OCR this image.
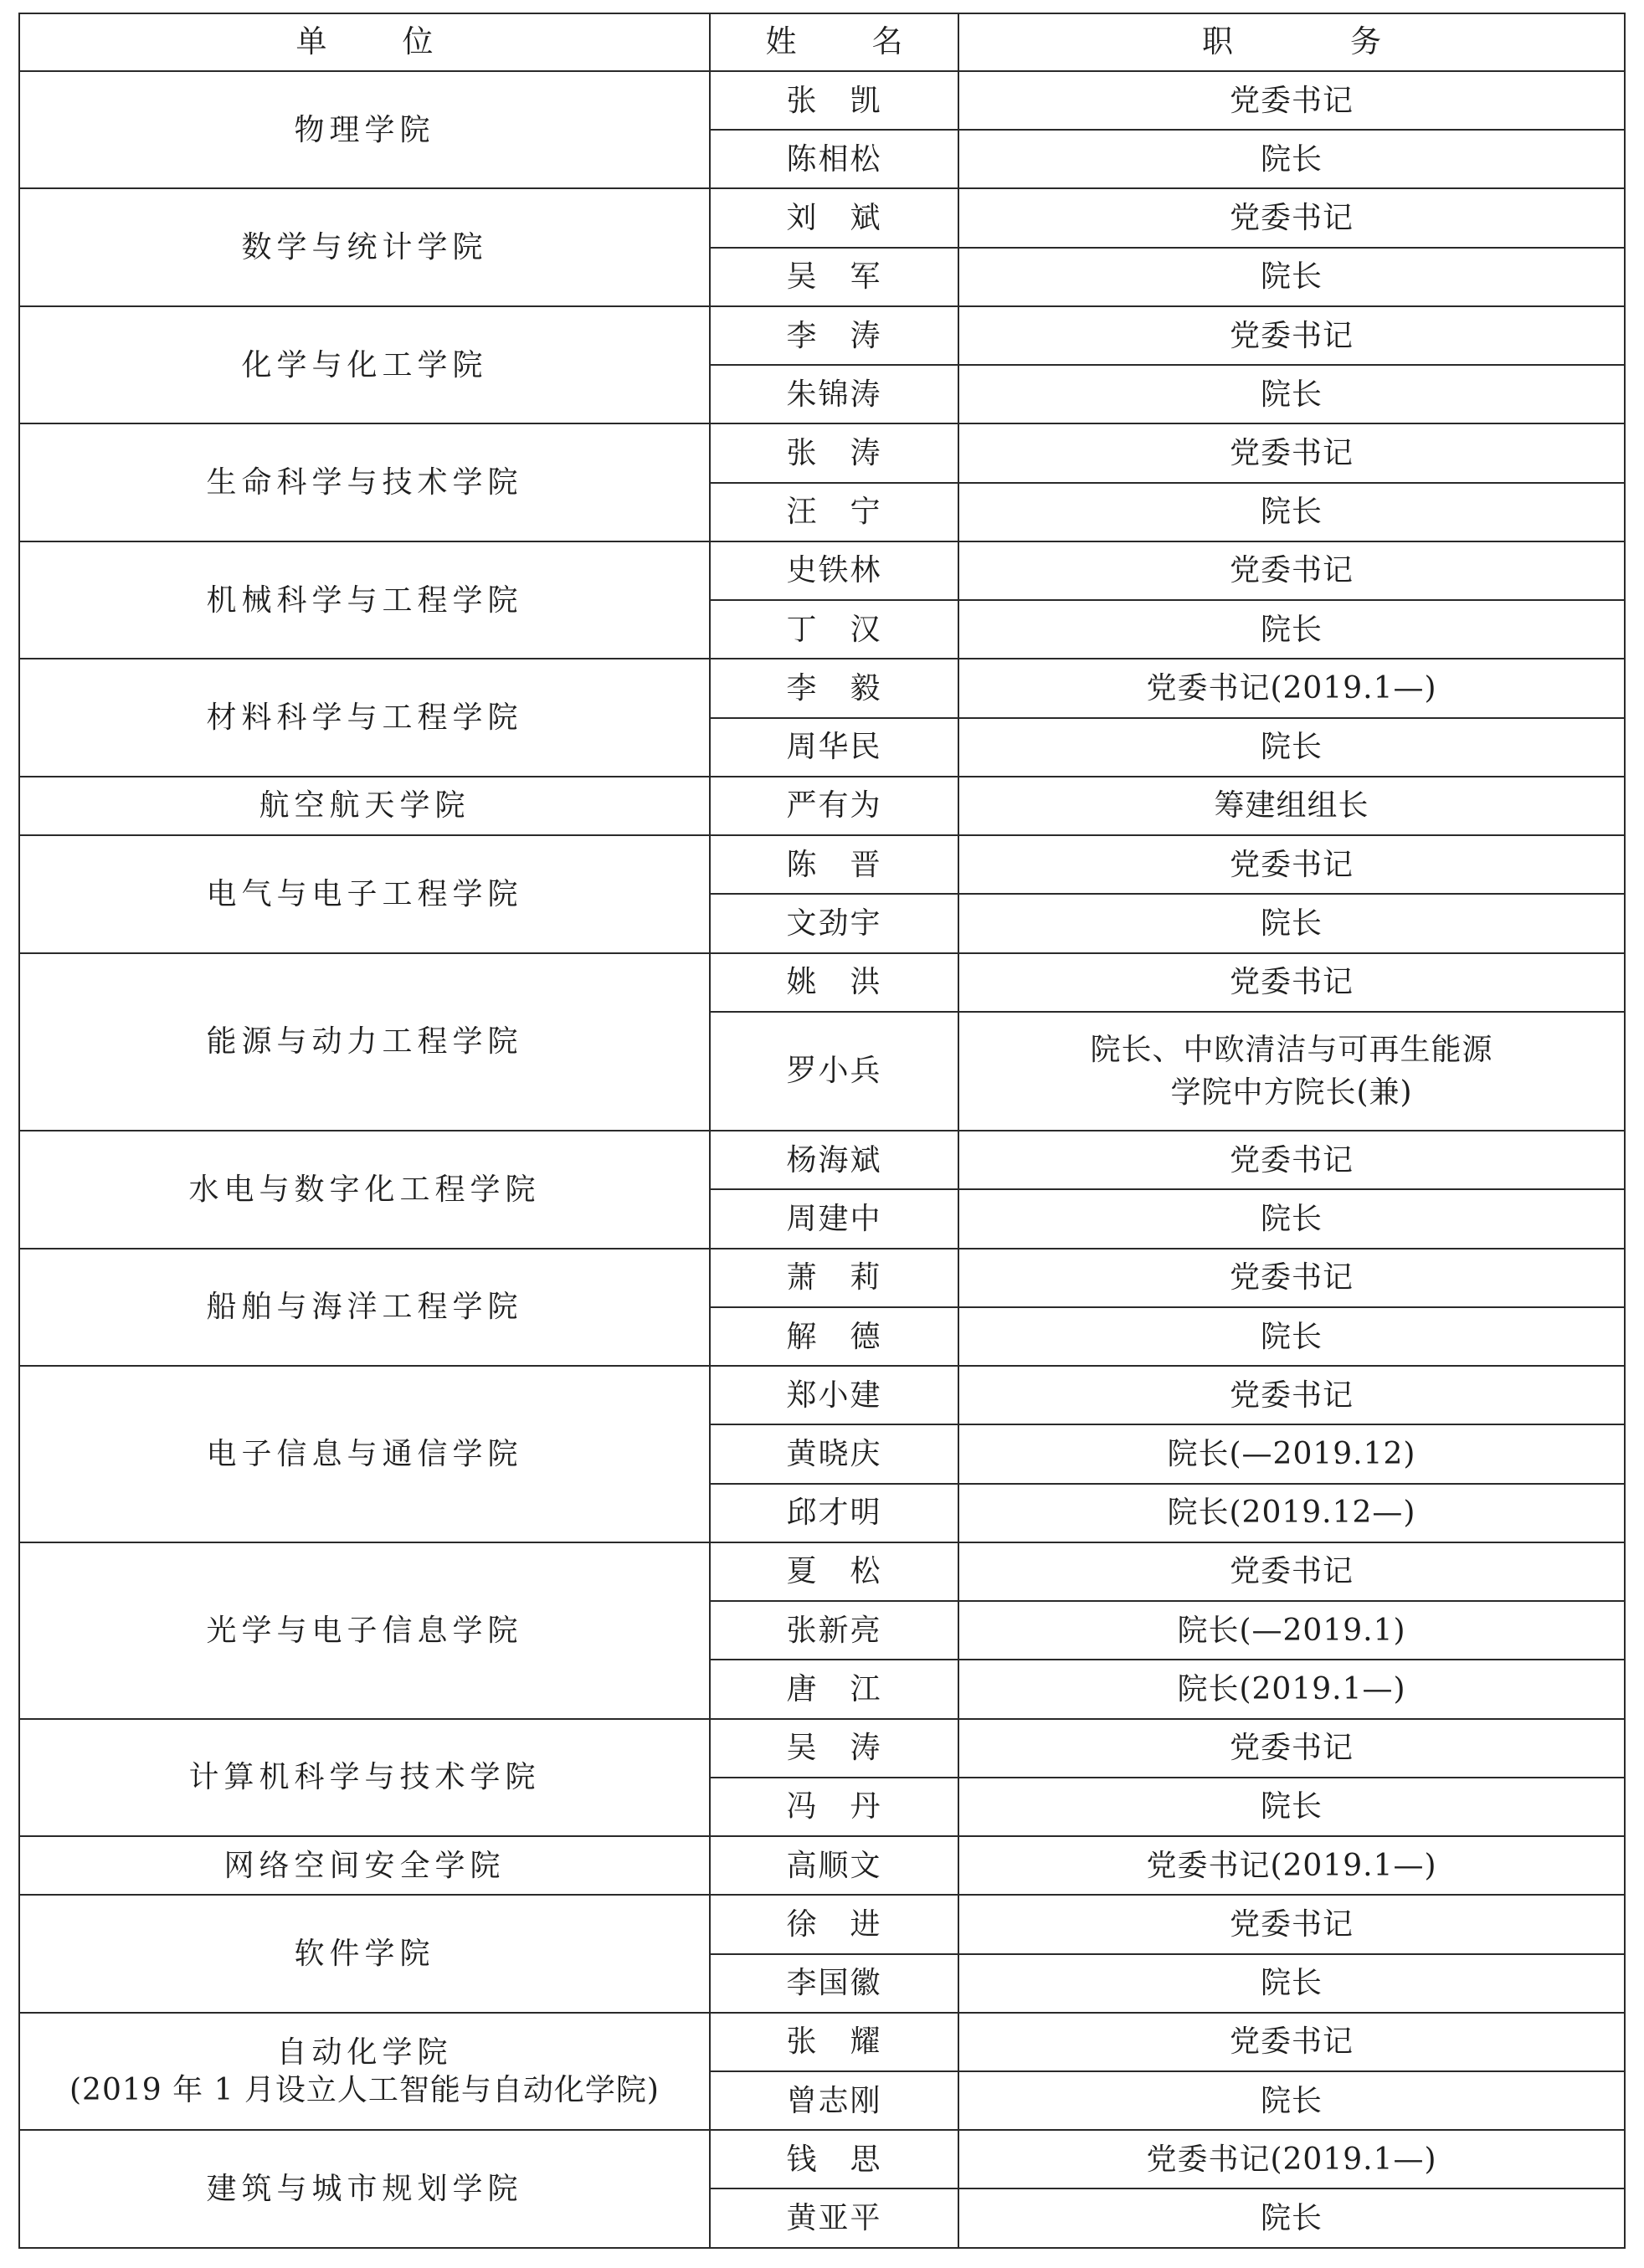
单 位	姓 名	职 务

物理学院	张　凯	党委书记

	陈相松	院长

数学与统计学院	刘　斌	党委书记

	吴　军	院长

化学与化工学院	李　涛	党委书记

	朱锦涛	院长

生命科学与技术学院	张　涛	党委书记

	汪　宁	院长

机械科学与工程学院	史铁林	党委书记

	丁　汉	院长

材料科学与工程学院	李　毅	党委书记(2019.1—)

	周华民	院长

航空航天学院	严有为	筹建组组长

电气与电子工程学院	陈　晋	党委书记

	文劲宇	院长

能源与动力工程学院	姚　洪	党委书记

	罗小兵	院长、中欧清洁与可再生能源
学院中方院长(兼)

水电与数字化工程学院	杨海斌	党委书记

	周建中	院长

船舶与海洋工程学院	萧　莉	党委书记

	解　德	院长

电子信息与通信学院	郑小建	党委书记

	黄晓庆	院长(—2019.12)

	邱才明	院长(2019.12—)

光学与电子信息学院	夏　松	党委书记

	张新亮	院长(—2019.1)

	唐　江	院长(2019.1—)

计算机科学与技术学院	吴　涛	党委书记

	冯　丹	院长

网络空间安全学院	高顺文	党委书记(2019.1—)

软件学院	徐　进	党委书记

	李国徽	院长

自动化学院
(2019 年 1 月设立人工智能与自动化学院)	张　耀	党委书记

	曾志刚	院长

建筑与城市规划学院	钱　思	党委书记(2019.1—)

	黄亚平	院长
